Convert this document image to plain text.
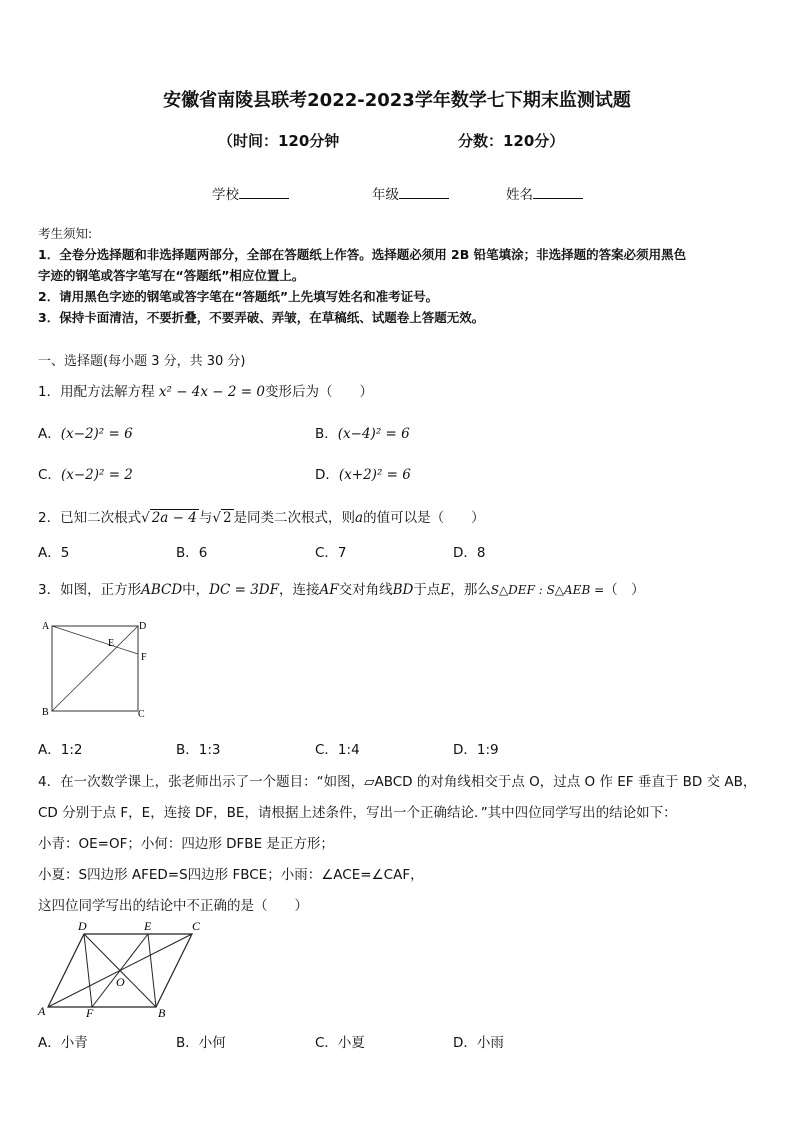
安徽省南陵县联考2022-2023学年数学七下期末监测试题
（时间：120分钟	分数：120分）
学校	年级	姓名
考生须知:
1．全卷分选择题和非选择题两部分，全部在答题纸上作答。选择题必须用 2B 铅笔填涂；非选择题的答案必须用黑色
字迹的钢笔或答字笔写在“答题纸”相应位置上。
2．请用黑色字迹的钢笔或答字笔在“答题纸”上先填写姓名和准考证号。
3．保持卡面清洁，不要折叠，不要弄破、弄皱，在草稿纸、试题卷上答题无效。
一、选择题(每小题 3 分，共 30 分)
1．用配方法解方程 x² − 4x − 2 = 0变形后为（　　）
A．(x−2)² = 6	B．(x−4)² = 6
C．(x−2)² = 2	D．(x+2)² = 6
2．已知二次根式√ 2a − 4 与√ 2 是同类二次根式，则a的值可以是（　　）
A．5	B．6	C．7	D．8
3．如图，正方形ABCD中，DC = 3DF，连接AF交对角线BD于点E，那么S△DEF : S△AEB =（　）
A
B	C
D
E
F
A．1:2	B．1:3	C．1:4	D．1:9
4．在一次数学课上，张老师出示了一个题目：“如图，▱ABCD 的对角线相交于点 O，过点 O 作 EF 垂直于 BD 交 AB，
CD 分别于点 F，E，连接 DF，BE，请根据上述条件，写出一个正确结论．”其中四位同学写出的结论如下：
小青：OE=OF；小何：四边形 DFBE 是正方形；
小夏：S四边形 AFED=S四边形 FBCE；小雨：∠ACE=∠CAF，
这四位同学写出的结论中不正确的是（　　）
A	B
C
D	E
F
O
A．小青	B．小何	C．小夏	D．小雨
